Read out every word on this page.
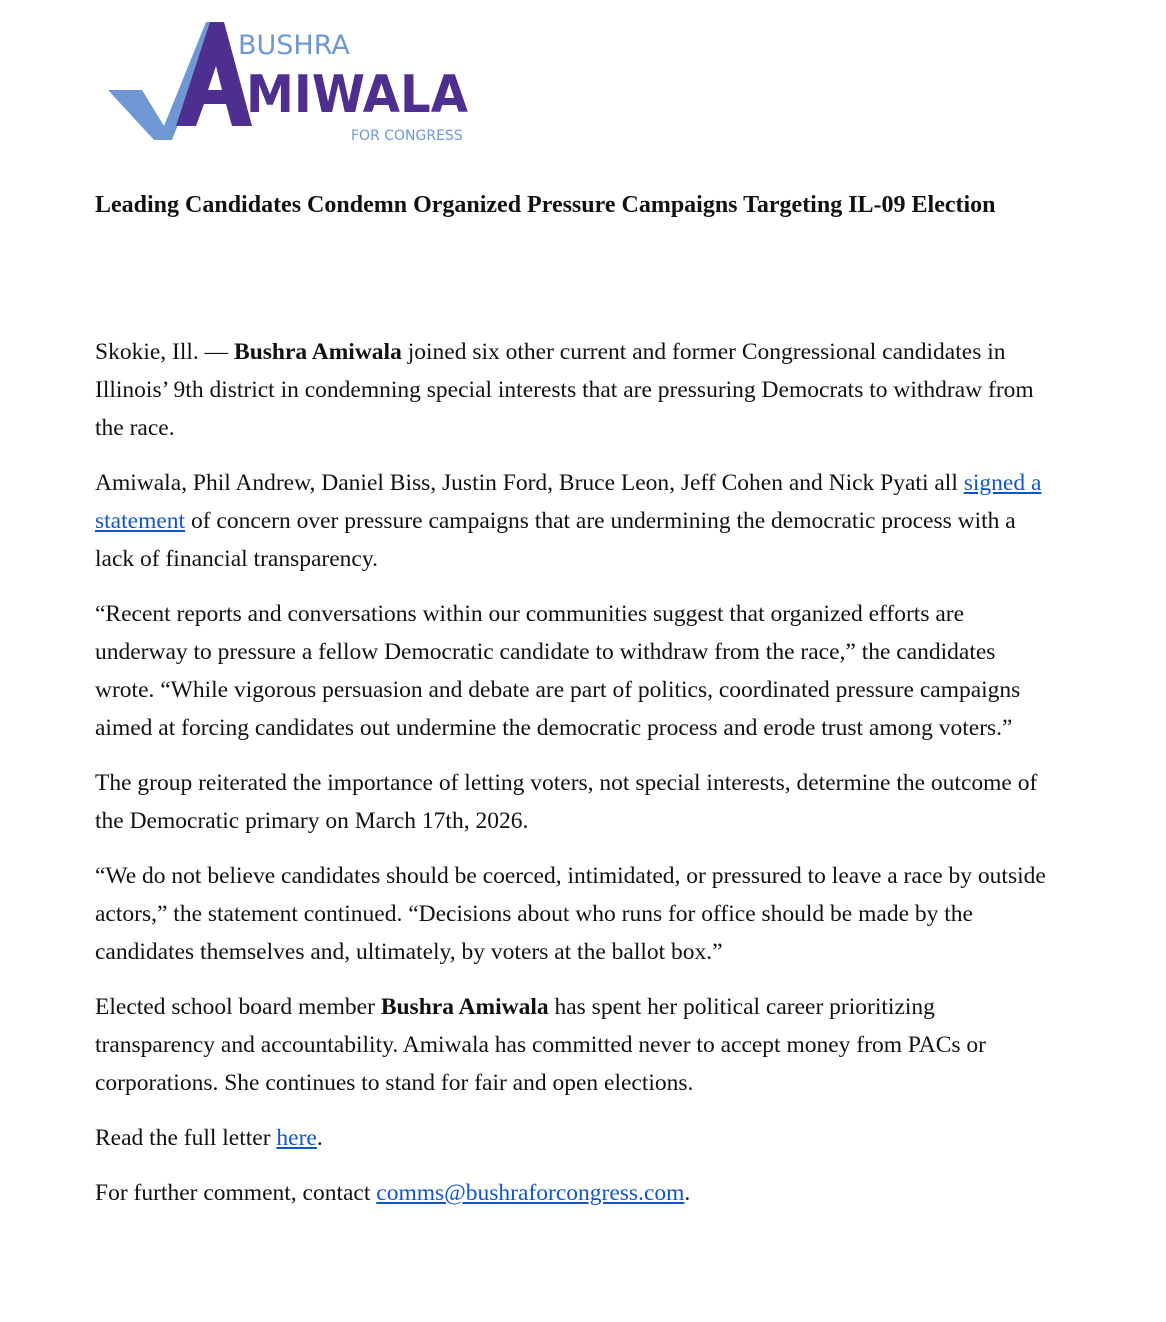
BUSHRA
MIWALA
FOR CONGRESS
Leading Candidates Condemn Organized Pressure Campaigns Targeting IL-09 Election

Skokie, Ill. — Bushra Amiwala joined six other current and former Congressional candidates in Illinois’ 9th district in condemning special interests that are pressuring Democrats to withdraw from the race.

Amiwala, Phil Andrew, Daniel Biss, Justin Ford, Bruce Leon, Jeff Cohen and Nick Pyati all signed a statement of concern over pressure campaigns that are undermining the democratic process with a lack of financial transparency.

“Recent reports and conversations within our communities suggest that organized efforts are underway to pressure a fellow Democratic candidate to withdraw from the race,” the candidates wrote. “While vigorous persuasion and debate are part of politics, coordinated pressure campaigns aimed at forcing candidates out undermine the democratic process and erode trust among voters.”

The group reiterated the importance of letting voters, not special interests, determine the outcome of the Democratic primary on March 17th, 2026.

“We do not believe candidates should be coerced, intimidated, or pressured to leave a race by outside actors,” the statement continued. “Decisions about who runs for office should be made by the candidates themselves and, ultimately, by voters at the ballot box.”

Elected school board member Bushra Amiwala has spent her political career prioritizing transparency and accountability. Amiwala has committed never to accept money from PACs or corporations. She continues to stand for fair and open elections.

Read the full letter here.

For further comment, contact comms@bushraforcongress.com.
